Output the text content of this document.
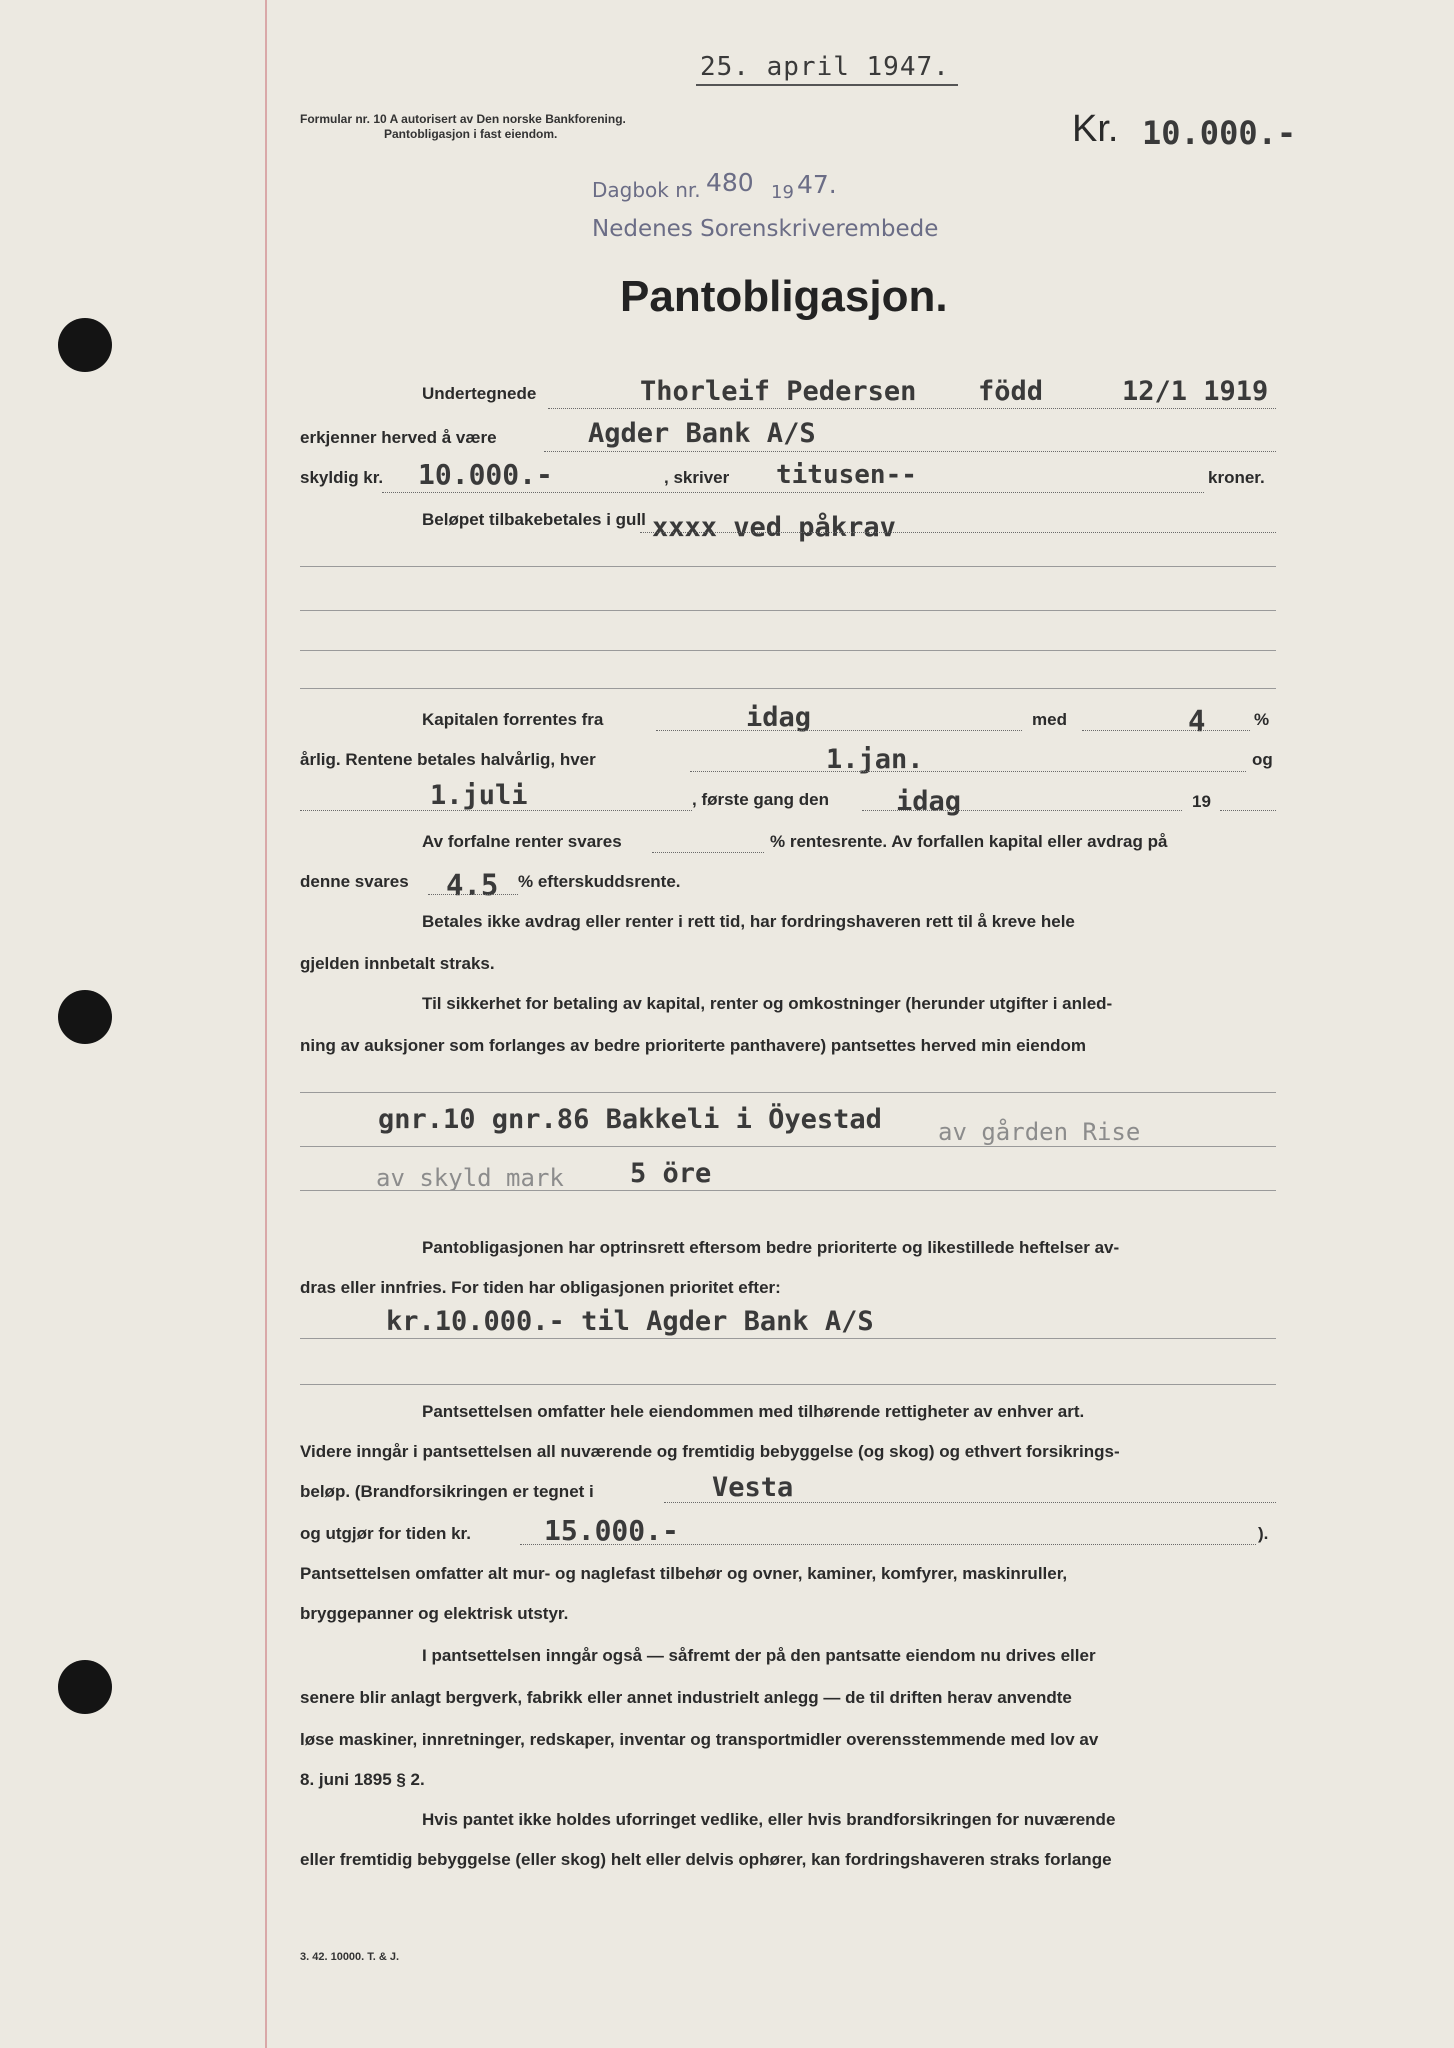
25. april 1947.
Formular nr. 10 A autorisert av Den norske Bankforening.
Pantobligasjon i fast eiendom.	Kr. 10.000.-
Dagbok nr. 480 19 47.
Nedenes Sorenskriverembede
Pantobligasjon.
Undertegnede	Thorleif Pedersen född	12/1 1919
erkjenner herved å være	Agder Bank A/S
skyldig kr. 10.000.-	, skriver titusen--	kroner.
Beløpet tilbakebetales i gull xxxx ved påkrav
Kapitalen forrentes fra	idag	med	4	%
årlig. Rentene betales halvårlig, hver	1.jan.	og
1.juli	, første gang den idag	19
Av forfalne renter svares	% rentesrente. Av forfallen kapital eller avdrag på
denne svares 4.5 % efterskuddsrente.
Betales ikke avdrag eller renter i rett tid, har fordringshaveren rett til å kreve hele
gjelden innbetalt straks.
Til sikkerhet for betaling av kapital, renter og omkostninger (herunder utgifter i anled-
ning av auksjoner som forlanges av bedre prioriterte panthavere) pantsettes herved min eiendom
gnr.10 gnr.86 Bakkeli i Öyestad av gården Rise
av skyld mark 5 öre
Pantobligasjonen har optrinsrett eftersom bedre prioriterte og likestillede heftelser av-
dras eller innfries. For tiden har obligasjonen prioritet efter:
kr.10.000.- til Agder Bank A/S
Pantsettelsen omfatter hele eiendommen med tilhørende rettigheter av enhver art.
Videre inngår i pantsettelsen all nuværende og fremtidig bebyggelse (og skog) og ethvert forsikrings-
beløp. (Brandforsikringen er tegnet i	Vesta
og utgjør for tiden kr.	15.000.-	).
Pantsettelsen omfatter alt mur- og naglefast tilbehør og ovner, kaminer, komfyrer, maskinruller,
bryggepanner og elektrisk utstyr.
I pantsettelsen inngår også — såfremt der på den pantsatte eiendom nu drives eller
senere blir anlagt bergverk, fabrikk eller annet industrielt anlegg — de til driften herav anvendte
løse maskiner, innretninger, redskaper, inventar og transportmidler overensstemmende med lov av
8. juni 1895 § 2.
Hvis pantet ikke holdes uforringet vedlike, eller hvis brandforsikringen for nuværende
eller fremtidig bebyggelse (eller skog) helt eller delvis ophører, kan fordringshaveren straks forlange
3. 42. 10000. T. & J.
